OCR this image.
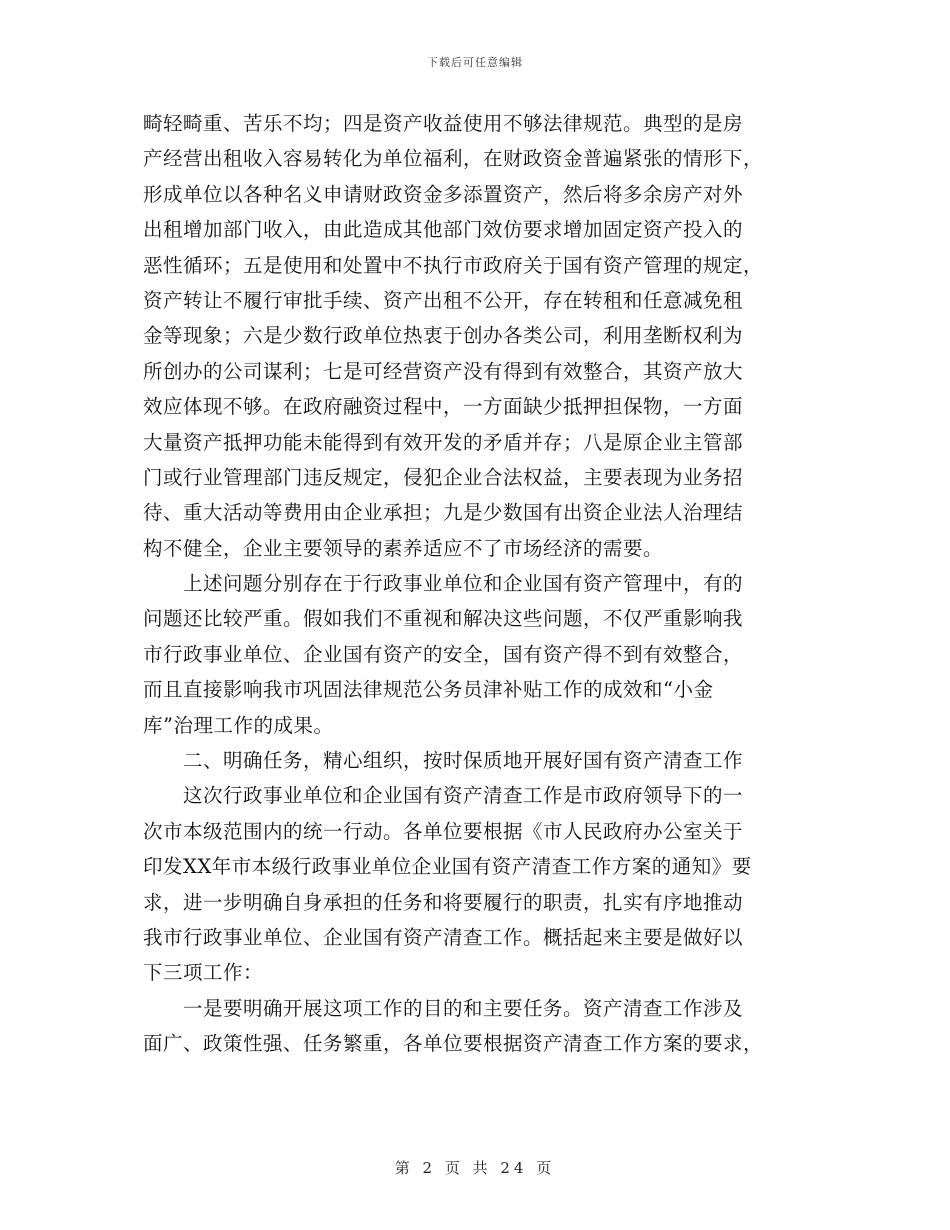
下载后可任意编辑
畸轻畸重、苦乐不均；四是资产收益使用不够法律规范。典型的是房
产经营出租收入容易转化为单位福利，在财政资金普遍紧张的情形下，
形成单位以各种名义申请财政资金多添置资产，然后将多余房产对外
出租增加部门收入，由此造成其他部门效仿要求增加固定资产投入的
恶性循环；五是使用和处置中不执行市政府关于国有资产管理的规定，
资产转让不履行审批手续、资产出租不公开，存在转租和任意减免租
金等现象；六是少数行政单位热衷于创办各类公司，利用垄断权利为
所创办的公司谋利；七是可经营资产没有得到有效整合，其资产放大
效应体现不够。在政府融资过程中，一方面缺少抵押担保物，一方面
大量资产抵押功能未能得到有效开发的矛盾并存；八是原企业主管部
门或行业管理部门违反规定，侵犯企业合法权益，主要表现为业务招
待、重大活动等费用由企业承担；九是少数国有出资企业法人治理结
构不健全，企业主要领导的素养适应不了市场经济的需要。
　　上述问题分别存在于行政事业单位和企业国有资产管理中，有的
问题还比较严重。假如我们不重视和解决这些问题，不仅严重影响我
市行政事业单位、企业国有资产的安全，国有资产得不到有效整合，
而且直接影响我市巩固法律规范公务员津补贴工作的成效和“小金
库”治理工作的成果。
　　二、明确任务，精心组织，按时保质地开展好国有资产清查工作
　　这次行政事业单位和企业国有资产清查工作是市政府领导下的一
次市本级范围内的统一行动。各单位要根据《市人民政府办公室关于
印发XX年市本级行政事业单位企业国有资产清查工作方案的通知》要
求，进一步明确自身承担的任务和将要履行的职责，扎实有序地推动
我市行政事业单位、企业国有资产清查工作。概括起来主要是做好以
下三项工作：
　　一是要明确开展这项工作的目的和主要任务。资产清查工作涉及
面广、政策性强、任务繁重，各单位要根据资产清查工作方案的要求，
第 2 页 共 24 页
